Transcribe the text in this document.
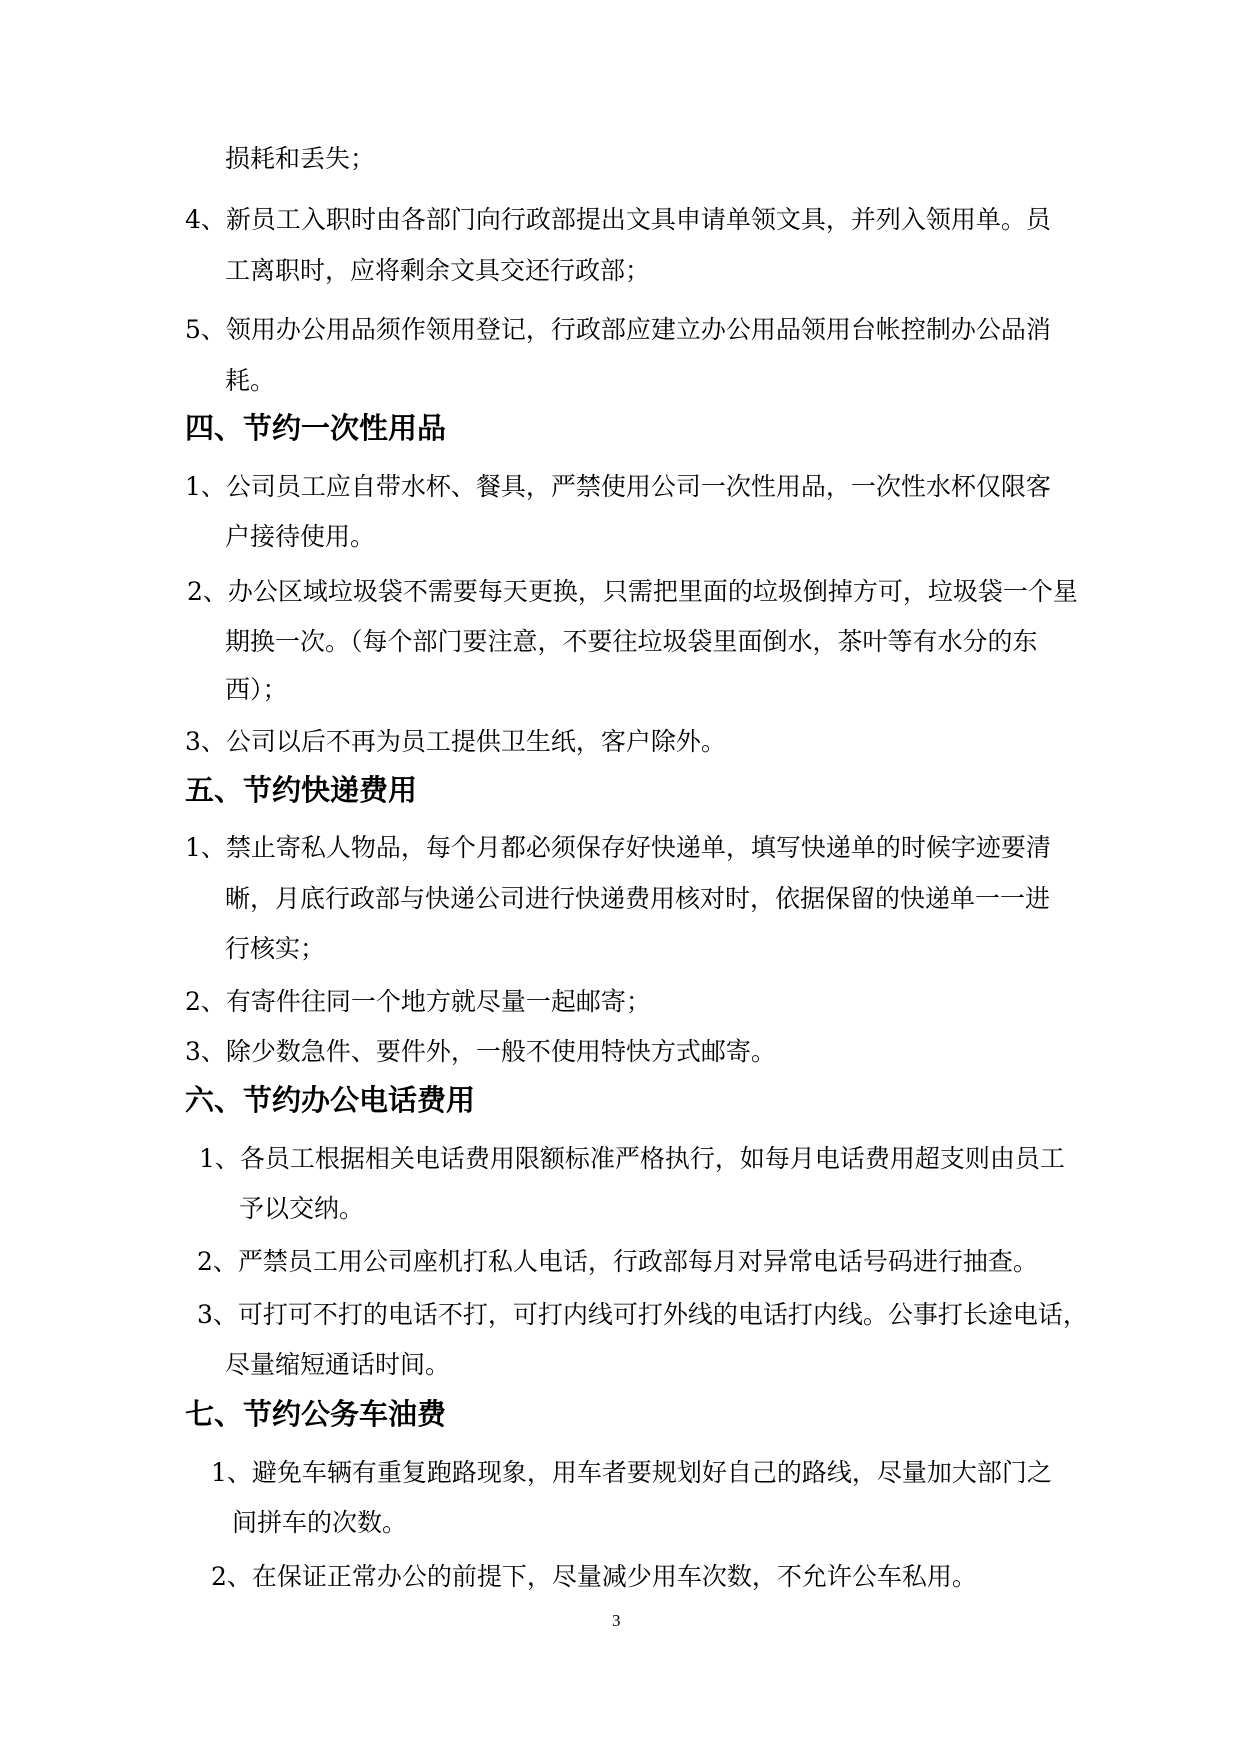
损耗和丢失；
4、新员工入职时由各部门向行政部提出文具申请单领文具，并列入领用单。员
工离职时，应将剩余文具交还行政部；
5、领用办公用品须作领用登记，行政部应建立办公用品领用台帐控制办公品消
耗。
四、节约一次性用品
1、公司员工应自带水杯、餐具，严禁使用公司一次性用品，一次性水杯仅限客
户接待使用。
2、办公区域垃圾袋不需要每天更换，只需把里面的垃圾倒掉方可，垃圾袋一个星
期换一次。（每个部门要注意，不要往垃圾袋里面倒水，茶叶等有水分的东
西）；
3、公司以后不再为员工提供卫生纸，客户除外。
五、节约快递费用
1、禁止寄私人物品，每个月都必须保存好快递单，填写快递单的时候字迹要清
晰，月底行政部与快递公司进行快递费用核对时，依据保留的快递单一一进
行核实；
2、有寄件往同一个地方就尽量一起邮寄；
3、除少数急件、要件外，一般不使用特快方式邮寄。
六、节约办公电话费用
1、各员工根据相关电话费用限额标准严格执行，如每月电话费用超支则由员工
予以交纳。
2、严禁员工用公司座机打私人电话，行政部每月对异常电话号码进行抽查。
3、可打可不打的电话不打，可打内线可打外线的电话打内线。公事打长途电话，
尽量缩短通话时间。
七、节约公务车油费
1、避免车辆有重复跑路现象，用车者要规划好自己的路线，尽量加大部门之
间拼车的次数。
2、在保证正常办公的前提下，尽量减少用车次数，不允许公车私用。
3
